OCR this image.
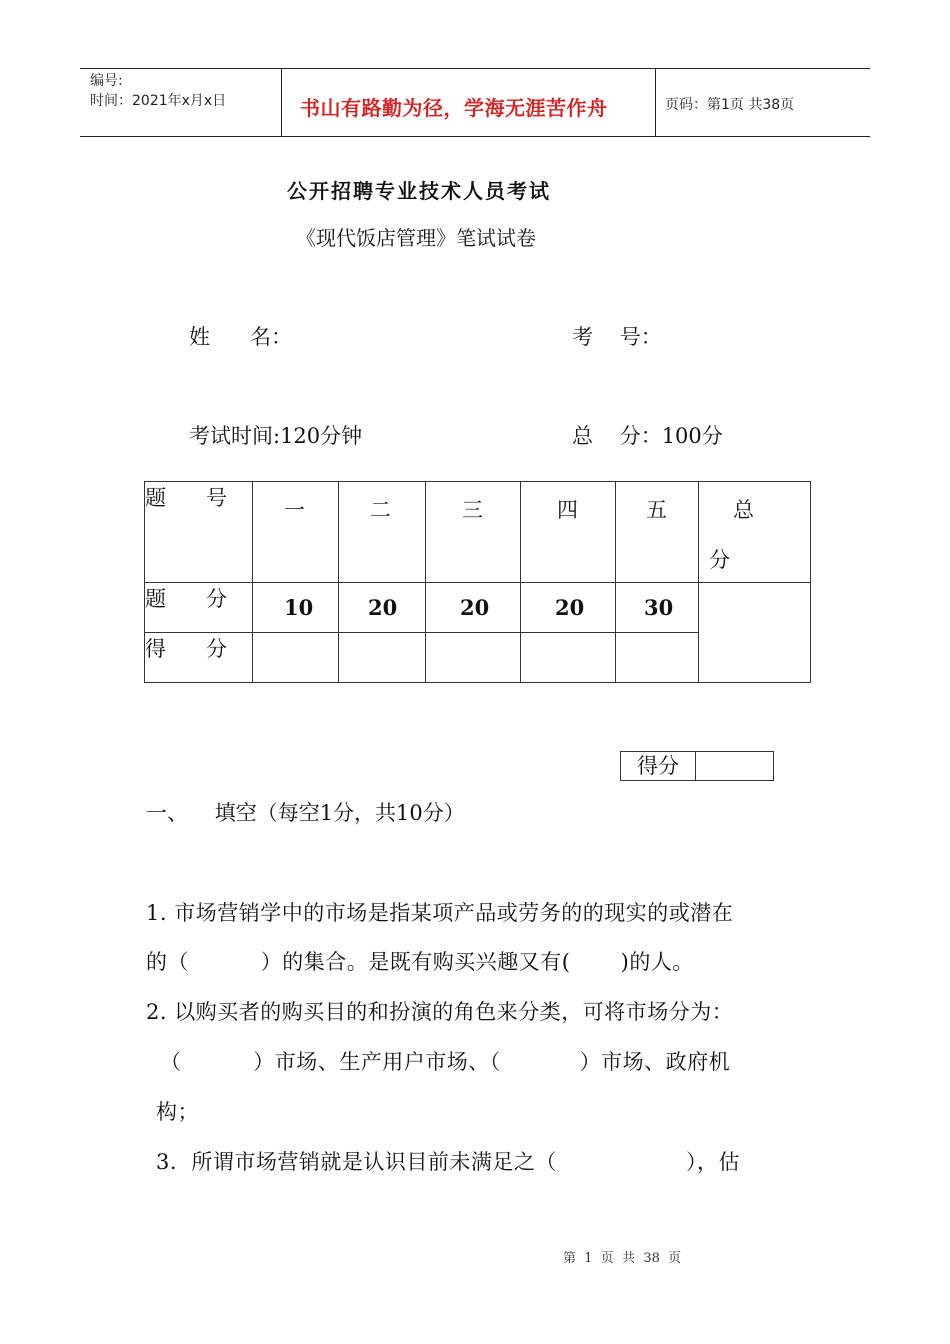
编号:
时间：2021年x月x日	书山有路勤为径，学海无涯苦作舟	页码：第1页 共38页
公开招聘专业技术人员考试
《现代饭店管理》笔试试卷
姓      名：	考    号：
考试时间:120分钟	总    分：100分
题      号	一	二	三	四	五	总
分

题      分	10	20	20	20	30	
得      分						
得分
一、    填空（每空1分，共10分）
1. 市场营销学中的市场是指某项产品或劳务的的现实的或潜在
的（          ）的集合。是既有购买兴趣又有(       )的人。
2. 以购买者的购买目的和扮演的角色来分类，可将市场分为：
（          ）市场、生产用户市场、（           ）市场、政府机
构；
3.  所谓市场营销就是认识目前未满足之（                  ），估
第  1  页  共  38  页
